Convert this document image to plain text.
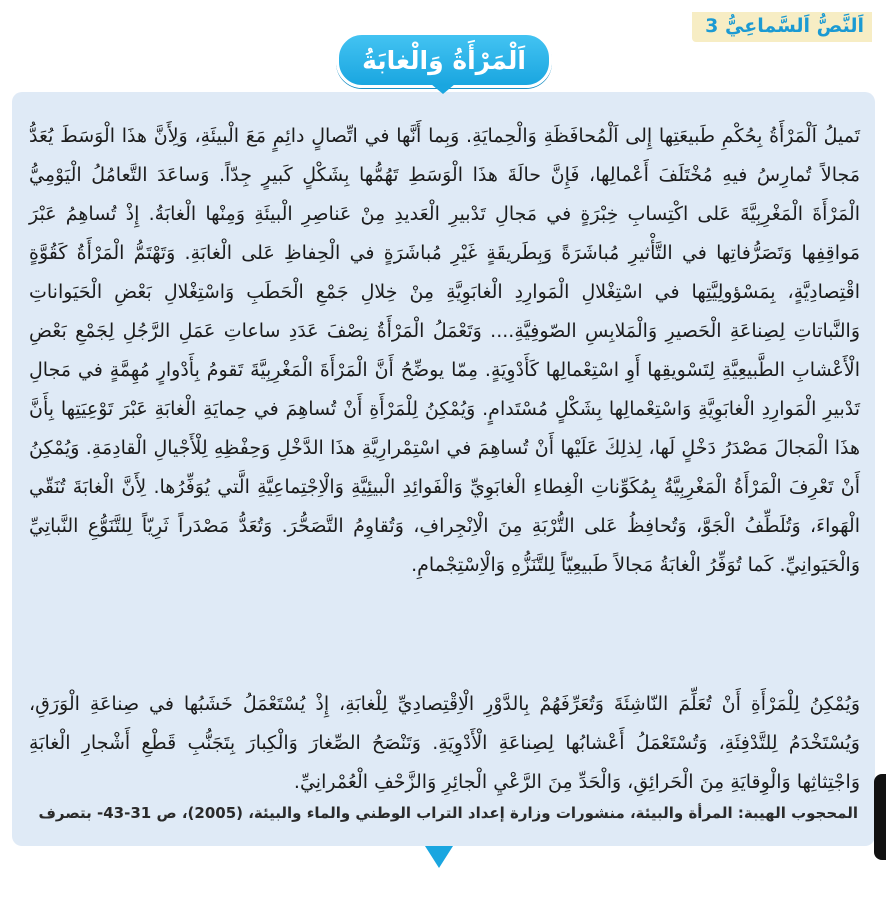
اَلنَّصُّ اَلسَّماعِيُّ 3
اَلْمَرْأَةُ وَالْغابَةُ

تَميلُ اَلْمَرْأَةُ بِحُكْمِ طَبيعَتِها إِلى اَلْمُحافَظَةِ وَالْحِمايَةِ. وَبِما أَنَّها في اتِّصالٍ دائِمٍ مَعَ الْبيئَةِ، وَلِأَنَّ هذَا الْوَسَطَ يُعَدُّ مَجالاً تُمارِسُ فيهِ مُخْتَلَفَ أَعْمالِها، فَإِنَّ حالَةَ هذَا الْوَسَطِ تَهُمُّها بِشَكْلٍ كَبيرٍ جِدّاً. وَساعَدَ التَّعامُلُ الْيَوْمِيُّ الْمَرْأَةَ الْمَغْرِبِيَّةَ عَلى اكْتِسابِ خِبْرَةٍ في مَجالِ تَدْبيرِ الْعَديدِ مِنْ عَناصِرِ الْبيئَةِ وَمِنْها الْغابَةُ. إِذْ تُساهِمُ عَبْرَ مَواقِفِها وَتَصَرُّفاتِها في التَّأْثيرِ مُباشَرَةً وَبِطَريقَةٍ غَيْرِ مُباشَرَةٍ في الْحِفاظِ عَلى الْغابَةِ. وَتَهْتَمُّ الْمَرْأَةُ كَقُوَّةٍ اقْتِصادِيَّةٍ، بِمَسْؤولِيَّتِها في اسْتِغْلالِ الْمَوارِدِ الْغابَوِيَّةِ مِنْ خِلالِ جَمْعِ الْحَطَبِ وَاسْتِغْلالِ بَعْضِ الْحَيَواناتِ وَالنَّباتاتِ لِصِناعَةِ الْحَصيرِ وَالْمَلابِسِ الصّوفِيَّةِ.... وَتَعْمَلُ الْمَرْأَةُ نِصْفَ عَدَدِ ساعاتِ عَمَلِ الرَّجُلِ لِجَمْعِ بَعْضِ الْأَعْشابِ الطَّبيعِيَّةِ لِتَسْويقِها أَوِ اسْتِعْمالِها كَأَدْوِيَةٍ. مِمّا يوضِّحُ أَنَّ الْمَرْأَةَ الْمَغْرِبِيَّةَ تَقومُ بِأَدْوارٍ مُهِمَّةٍ في مَجالِ تَدْبيرِ الْمَوارِدِ الْغابَوِيَّةِ وَاسْتِعْمالِها بِشَكْلٍ مُسْتَدامٍ. وَيُمْكِنُ لِلْمَرْأَةِ أَنْ تُساهِمَ في حِمايَةِ الْغابَةِ عَبْرَ تَوْعِيَتِها بِأَنَّ هذَا الْمَجالَ مَصْدَرُ دَخْلٍ لَها، لِذلِكَ عَلَيْها أَنْ تُساهِمَ في اسْتِمْرارِيَّةِ هذَا الدَّخْلِ وَحِفْظِهِ لِلْأَجْيالِ الْقادِمَةِ. وَيُمْكِنُ أَنْ تَعْرِفَ الْمَرْأَةُ الْمَغْرِبِيَّةُ بِمُكَوِّناتِ الْغِطاءِ الْغابَوِيِّ وَالْفَوائِدِ الْبيئِيَّةِ وَالْاِجْتِماعِيَّةِ الَّتي يُوَفِّرُها. لِأَنَّ الْغابَةَ تُنَقّي الْهَواءَ، وَتُلَطِّفُ الْجَوَّ، وَتُحافِظُ عَلى التُّرْبَةِ مِنَ الْاِنْجِرافِ، وَتُقاوِمُ التَّصَحُّرَ. وَتُعَدُّ مَصْدَراً ثَرِيّاً لِلتَّنَوُّعِ النَّباتِيِّ وَالْحَيَوانِيِّ. كَما تُوَفِّرُ الْغابَةُ مَجالاً طَبيعِيّاً لِلتَّنَزُّهِ وَالْاِسْتِجْمامِ.

وَيُمْكِنُ لِلْمَرْأَةِ أَنْ تُعَلِّمَ النّاشِئَةَ وَتُعَرِّفَهُمْ بِالدَّوْرِ الْاِقْتِصادِيِّ لِلْغابَةِ، إِذْ يُسْتَعْمَلُ خَشَبُها في صِناعَةِ الْوَرَقِ، وَيُسْتَخْدَمُ لِلتَّدْفِئَةِ، وَتُسْتَعْمَلُ أَعْشابُها لِصِناعَةِ الْأَدْوِيَةِ. وَتَنْصَحُ الصِّغارَ وَالْكِبارَ بِتَجَنُّبِ قَطْعِ أَشْجارِ الْغابَةِ وَاجْتِثاثِها وَالْوِقايَةِ مِنَ الْحَرائِقِ، وَالْحَدِّ مِنَ الرَّعْيِ الْجائِرِ وَالزَّحْفِ الْعُمْرانِيِّ.

المحجوب الهيبة: المرأة والبيئة، منشورات وزارة إعداد التراب الوطني والماء والبيئة، (2005)، ص 31-43- بتصرف
